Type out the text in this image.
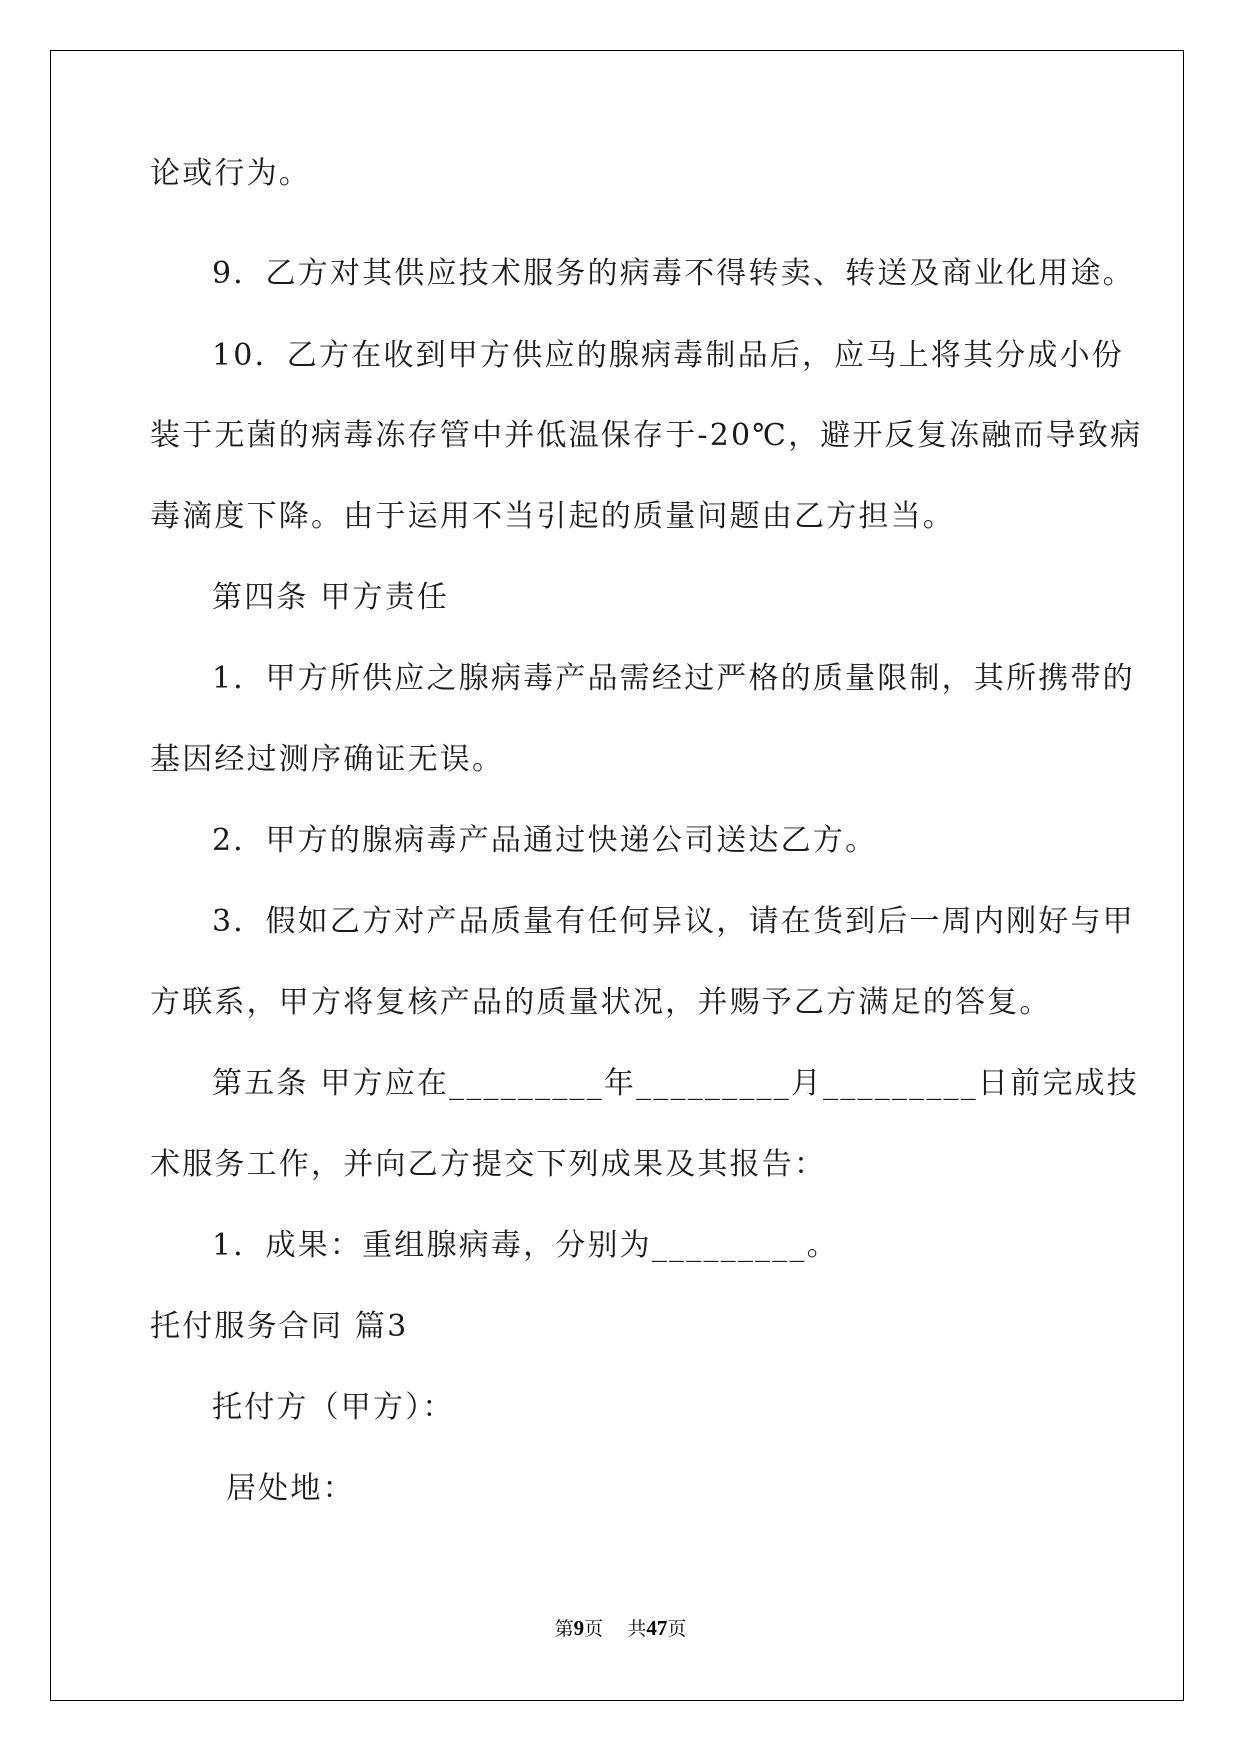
论或行为。
9．乙方对其供应技术服务的病毒不得转卖、转送及商业化用途。
10．乙方在收到甲方供应的腺病毒制品后，应马上将其分成小份
装于无菌的病毒冻存管中并低温保存于-20℃，避开反复冻融而导致病
毒滴度下降。由于运用不当引起的质量问题由乙方担当。
第四条 甲方责任
1．甲方所供应之腺病毒产品需经过严格的质量限制，其所携带的
基因经过测序确证无误。
2．甲方的腺病毒产品通过快递公司送达乙方。
3．假如乙方对产品质量有任何异议，请在货到后一周内刚好与甲
方联系，甲方将复核产品的质量状况，并赐予乙方满足的答复。
第五条 甲方应在_________年_________月_________日前完成技
术服务工作，并向乙方提交下列成果及其报告：
1．成果：重组腺病毒，分别为_________。
托付服务合同 篇3
托付方（甲方）：
居处地：
第9页 共47页
